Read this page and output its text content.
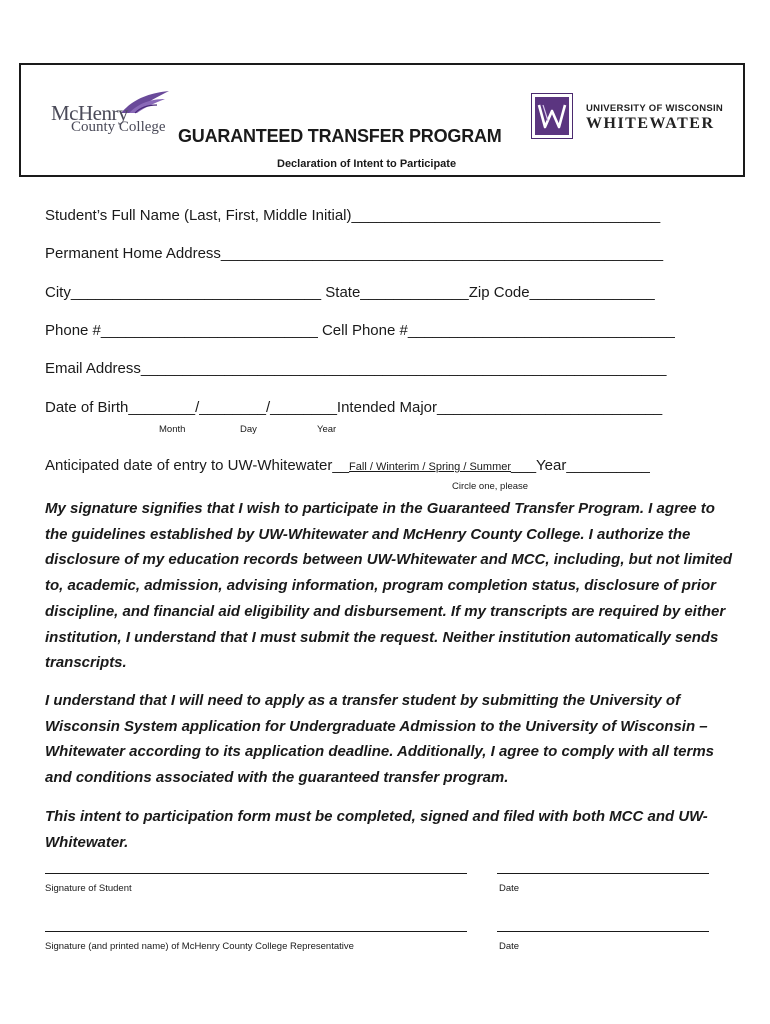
McHenry
County College GUARANTEED TRANSFER PROGRAM
Declaration of Intent to Participate
UNIVERSITY OF WISCONSIN
WHITEWATER
Student’s Full Name (Last, First, Middle Initial)_____________________________________
Permanent Home Address_____________________________________________________
City______________________________ State_____________Zip Code_______________
Phone #__________________________ Cell Phone #________________________________
Email Address_______________________________________________________________
Date of Birth________/________/________Intended Major___________________________
Month	Day	Year
Anticipated date of entry to UW-Whitewater__Fall / Winterim / Spring / Summer___Year__________
Circle one, please
My signature signifies that I wish to participate in the Guaranteed Transfer Program. I agree to the guidelines established by UW-Whitewater and McHenry County College. I authorize the disclosure of my education records between UW-Whitewater and MCC, including, but not limited to, academic, admission, advising information, program completion status, disclosure of prior discipline, and financial aid eligibility and disbursement. If my transcripts are required by either institution, I understand that I must submit the request. Neither institution automatically sends transcripts.
I understand that I will need to apply as a transfer student by submitting the University of Wisconsin System application for Undergraduate Admission to the University of Wisconsin – Whitewater according to its application deadline. Additionally, I agree to comply with all terms and conditions associated with the guaranteed transfer program.
This intent to participation form must be completed, signed and filed with both MCC and UW-Whitewater.
Signature of Student	Date
Signature (and printed name) of McHenry County College Representative	Date
